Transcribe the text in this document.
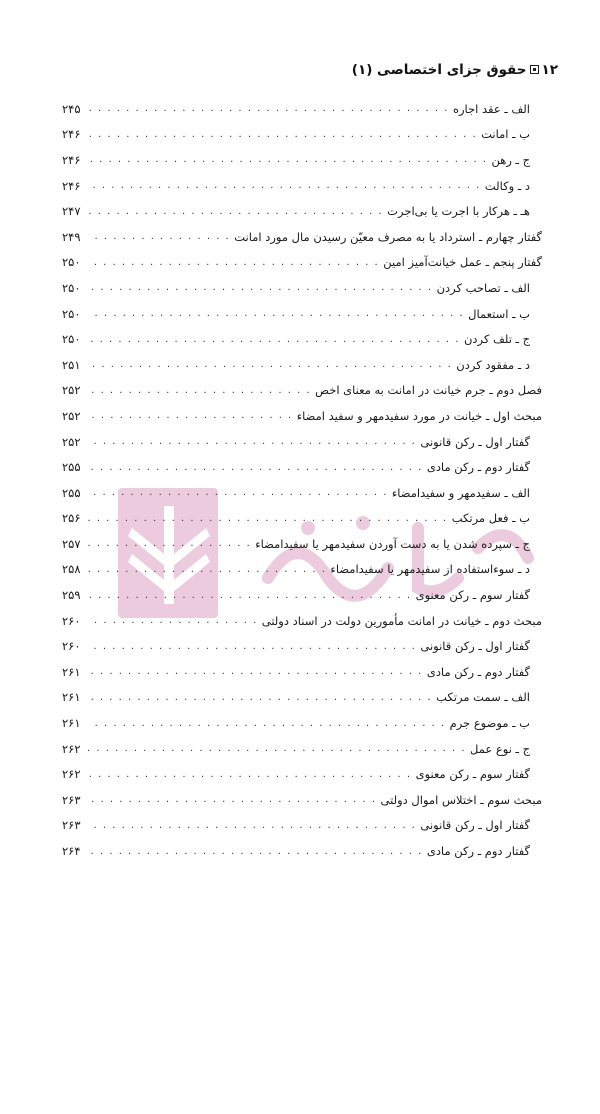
۱۲حقوق جزای اختصاصی (۱)
الف ـ عقد اجاره
. . .
۲۴۵
ب ـ امانت
. . .
۲۴۶
ج ـ رهن
. . .
۲۴۶
د ـ وکالت
. . .
۲۴۶
هـ ـ هرکار با اجرت یا بی‌اجرت
. . .
۲۴۷
گفتار چهارم ـ استرداد یا به مصرف معیّن رسیدن مال مورد امانت
. . .
۲۴۹
گفتار پنجم ـ عمل خیانت‌آمیز امین
. . .
۲۵۰
الف ـ تصاحب کردن
. . .
۲۵۰
ب ـ استعمال
. . .
۲۵۰
ج ـ تلف کردن
. . .
۲۵۰
د ـ مفقود کردن
. . .
۲۵۱
فصل دوم ـ جرم خیانت در امانت به معنای اخص
. . .
۲۵۲
مبحث اول ـ خیانت در مورد سفیدمهر و سفید امضاء
. . .
۲۵۲
گفتار اول ـ رکن قانونی
. . .
۲۵۲
گفتار دوم ـ رکن مادی
. . .
۲۵۵
الف ـ سفیدمهر و سفیدامضاء
. . .
۲۵۵
ب ـ فعل مرتکب
. . .
۲۵۶
ج ـ سپرده شدن یا به دست آوردن سفیدمهر یا سفیدامضاء
. . .
۲۵۷
د ـ سوءاستفاده از سفیدمهر یا سفیدامضاء
. . .
۲۵۸
گفتار سوم ـ رکن معنوی
. . .
۲۵۹
مبحث دوم ـ خیانت در امانت مأمورین دولت در اسناد دولتی
. . .
۲۶۰
گفتار اول ـ رکن قانونی
. . .
۲۶۰
گفتار دوم ـ رکن مادی
. . .
۲۶۱
الف ـ سمت مرتکب
. . .
۲۶۱
ب ـ موضوع جرم
. . .
۲۶۱
ج ـ نوع عمل
. . .
۲۶۲
گفتار سوم ـ رکن معنوی
. . .
۲۶۲
مبحث سوم ـ اختلاس اموال دولتی
. . .
۲۶۳
گفتار اول ـ رکن قانونی
. . .
۲۶۳
گفتار دوم ـ رکن مادی
. . .
۲۶۴
